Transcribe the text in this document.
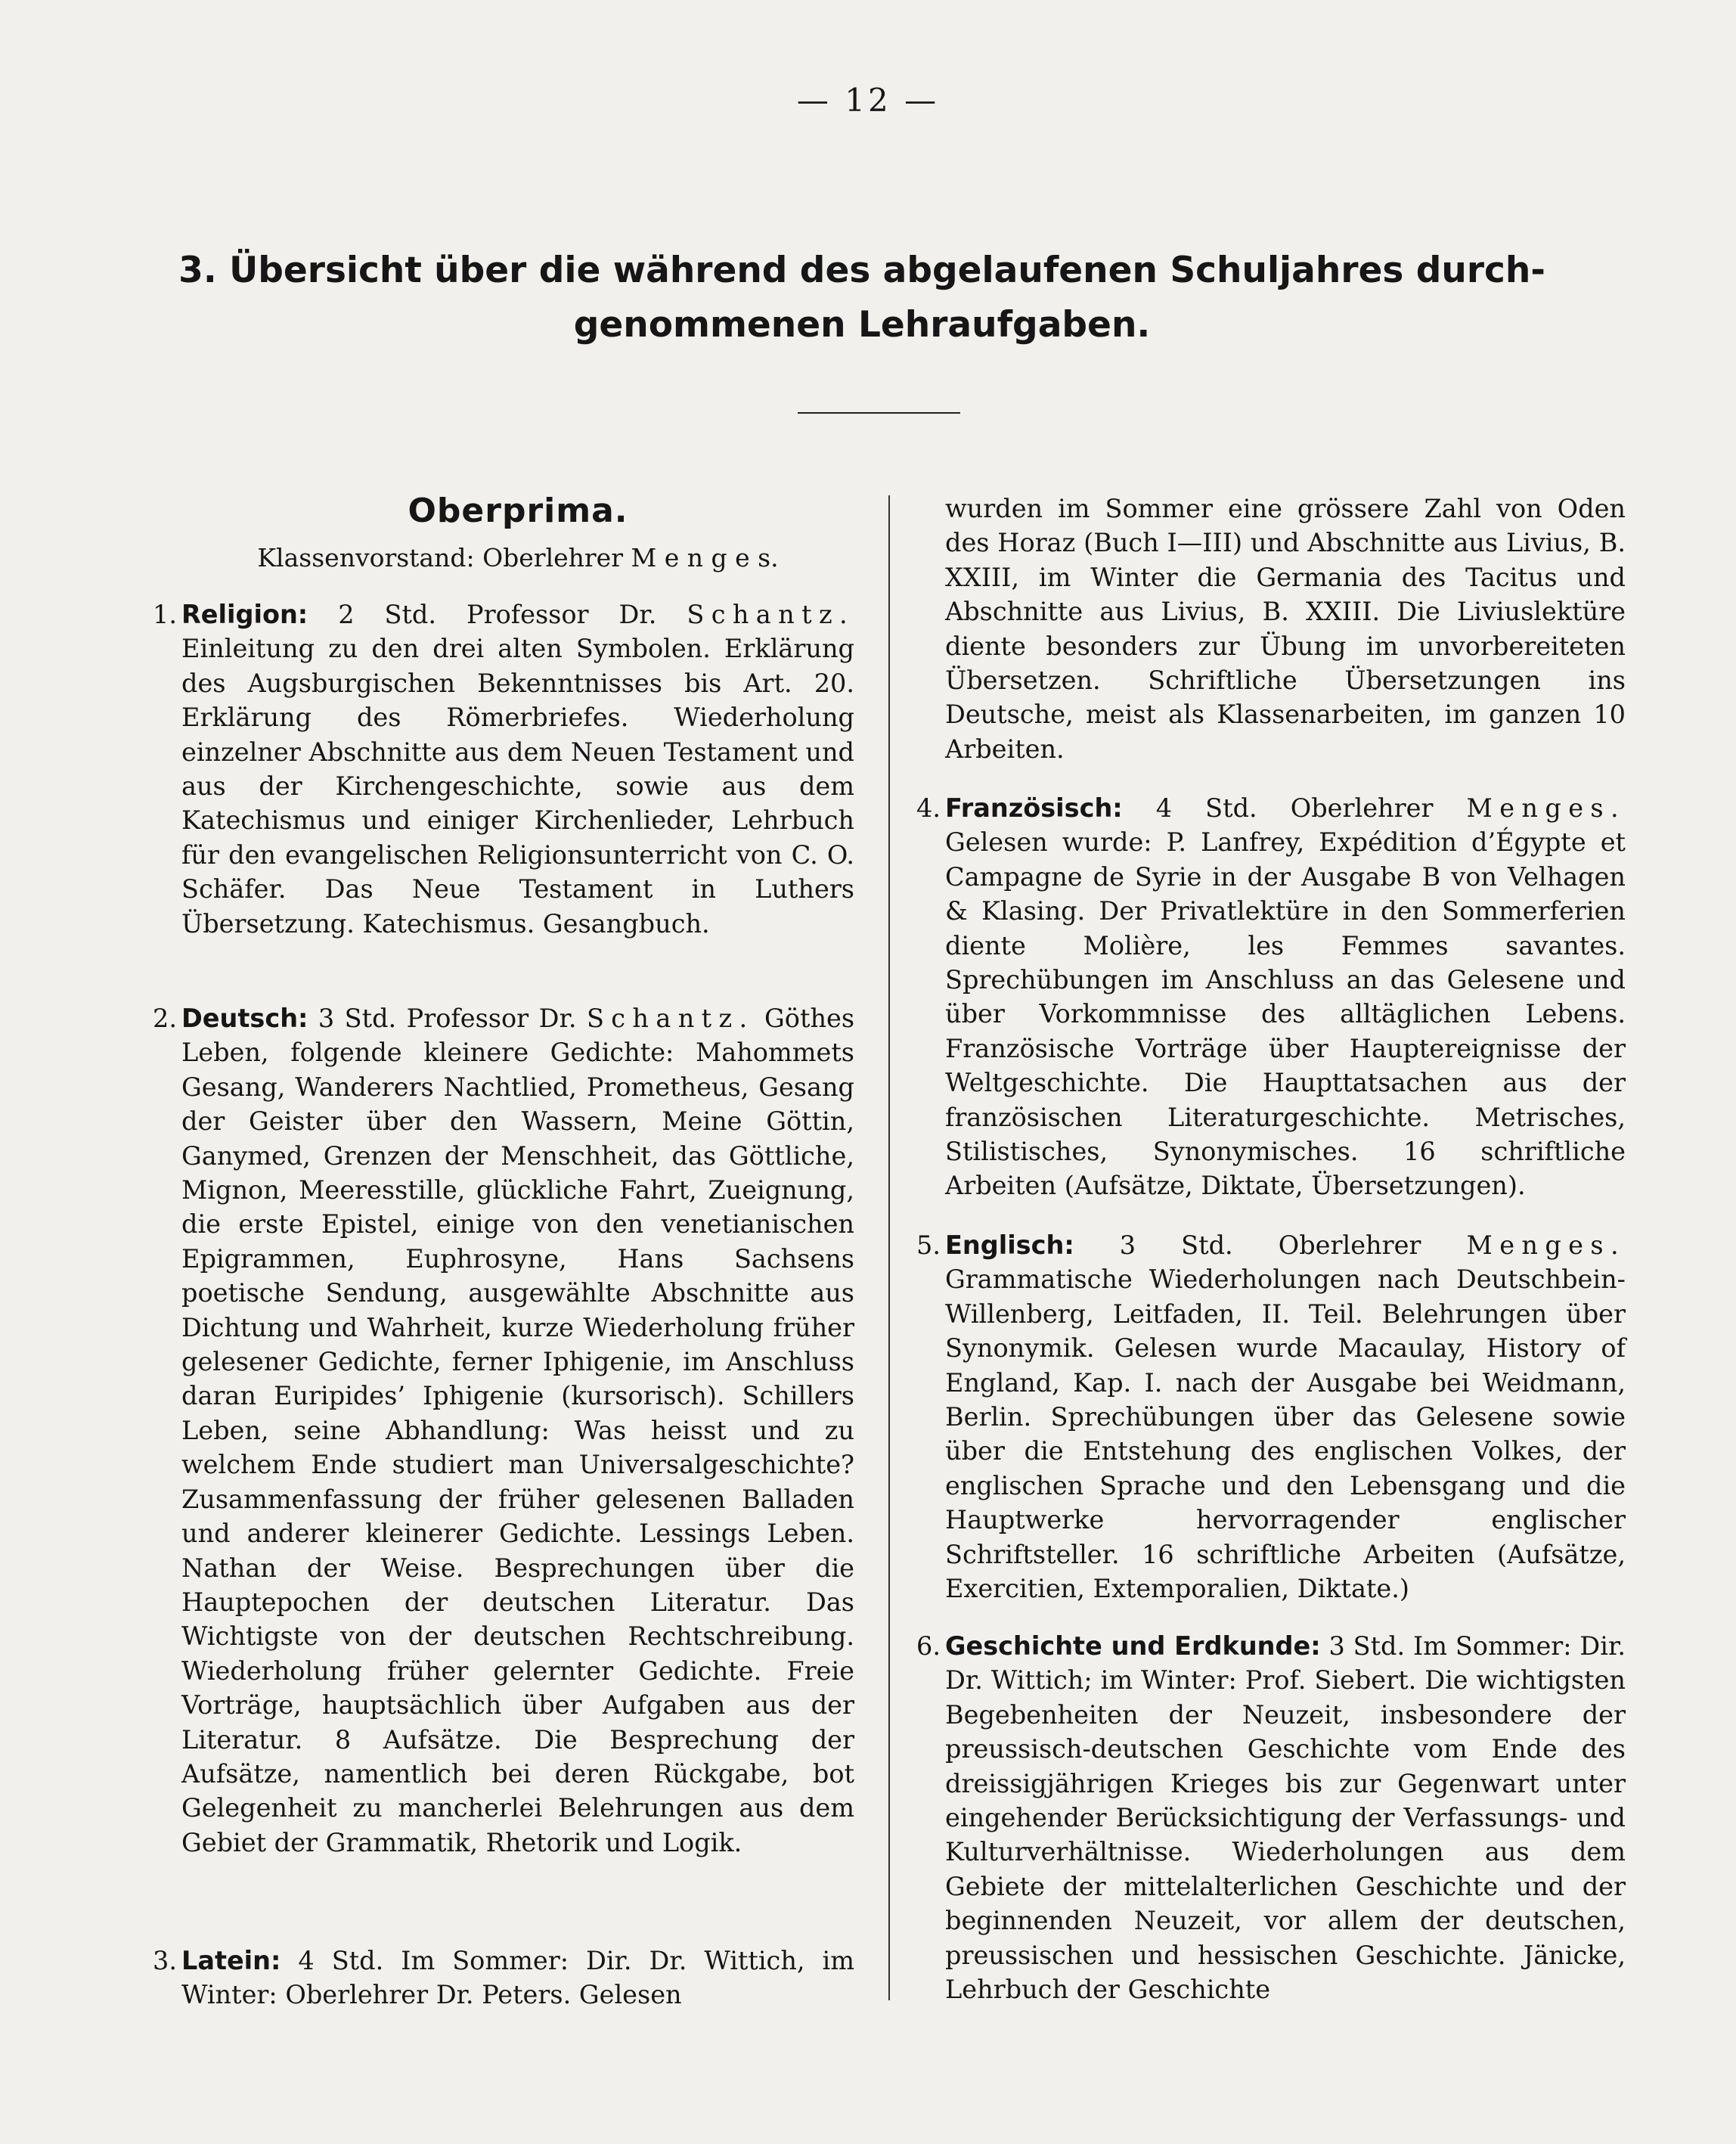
— 12 —
3. Übersicht über die während des abgelaufenen Schuljahres durch-genommenen Lehraufgaben.
Oberprima.
Klassenvorstand: Oberlehrer M e n g e s.
1. Religion: 2 Std. Professor Dr. Schantz. Einleitung zu den drei alten Symbolen. Erklärung des Augsburgischen Bekenntnisses bis Art. 20. Erklärung des Römerbriefes. Wiederholung einzelner Abschnitte aus dem Neuen Testament und aus der Kirchengeschichte, sowie aus dem Katechismus und einiger Kirchenlieder, Lehrbuch für den evangelischen Religionsunterricht von C. O. Schäfer. Das Neue Testament in Luthers Übersetzung. Katechismus. Gesangbuch.

2. Deutsch: 3 Std. Professor Dr. Schantz. Göthes Leben, folgende kleinere Gedichte: Mahommets Gesang, Wanderers Nachtlied, Prometheus, Gesang der Geister über den Wassern, Meine Göttin, Ganymed, Grenzen der Menschheit, das Göttliche, Mignon, Meeresstille, glückliche Fahrt, Zueignung, die erste Epistel, einige von den venetianischen Epigrammen, Euphrosyne, Hans Sachsens poetische Sendung, ausgewählte Abschnitte aus Dichtung und Wahrheit, kurze Wiederholung früher gelesener Gedichte, ferner Iphigenie, im Anschluss daran Euripides’ Iphigenie (kursorisch). Schillers Leben, seine Abhandlung: Was heisst und zu welchem Ende studiert man Universalgeschichte? Zusammenfassung der früher gelesenen Balladen und anderer kleinerer Gedichte. Lessings Leben. Nathan der Weise. Besprechungen über die Hauptepochen der deutschen Literatur. Das Wichtigste von der deutschen Rechtschreibung. Wiederholung früher gelernter Gedichte. Freie Vorträge, hauptsächlich über Aufgaben aus der Literatur. 8 Aufsätze. Die Besprechung der Aufsätze, namentlich bei deren Rückgabe, bot Gelegenheit zu mancherlei Belehrungen aus dem Gebiet der Grammatik, Rhetorik und Logik.

3. Latein: 4 Std. Im Sommer: Dir. Dr. Wittich, im Winter: Oberlehrer Dr. Peters. Gelesen

wurden im Sommer eine grössere Zahl von Oden des Horaz (Buch I—III) und Abschnitte aus Livius, B. XXIII, im Winter die Germania des Tacitus und Abschnitte aus Livius, B. XXIII. Die Liviuslektüre diente besonders zur Übung im unvorbereiteten Übersetzen. Schriftliche Übersetzungen ins Deutsche, meist als Klassenarbeiten, im ganzen 10 Arbeiten.

4. Französisch: 4 Std. Oberlehrer Menges. Gelesen wurde: P. Lanfrey, Expédition d’Égypte et Campagne de Syrie in der Ausgabe B von Velhagen & Klasing. Der Privatlektüre in den Sommerferien diente Molière, les Femmes savantes. Sprechübungen im Anschluss an das Gelesene und über Vorkommnisse des alltäglichen Lebens. Französische Vorträge über Hauptereignisse der Weltgeschichte. Die Haupttatsachen aus der französischen Literaturgeschichte. Metrisches, Stilistisches, Synonymisches. 16 schriftliche Arbeiten (Aufsätze, Diktate, Übersetzungen).

5. Englisch: 3 Std. Oberlehrer Menges. Grammatische Wiederholungen nach Deutschbein-Willenberg, Leitfaden, II. Teil. Belehrungen über Synonymik. Gelesen wurde Macaulay, History of England, Kap. I. nach der Ausgabe bei Weidmann, Berlin. Sprechübungen über das Gelesene sowie über die Entstehung des englischen Volkes, der englischen Sprache und den Lebensgang und die Hauptwerke hervorragender englischer Schriftsteller. 16 schriftliche Arbeiten (Aufsätze, Exercitien, Extemporalien, Diktate.)

6. Geschichte und Erdkunde: 3 Std. Im Sommer: Dir. Dr. Wittich; im Winter: Prof. Siebert. Die wichtigsten Begebenheiten der Neuzeit, insbesondere der preussisch-deutschen Geschichte vom Ende des dreissigjährigen Krieges bis zur Gegenwart unter eingehender Berücksichtigung der Verfassungs- und Kulturverhältnisse. Wiederholungen aus dem Gebiete der mittelalterlichen Geschichte und der beginnenden Neuzeit, vor allem der deutschen, preussischen und hessischen Geschichte. Jänicke, Lehrbuch der Geschichte
